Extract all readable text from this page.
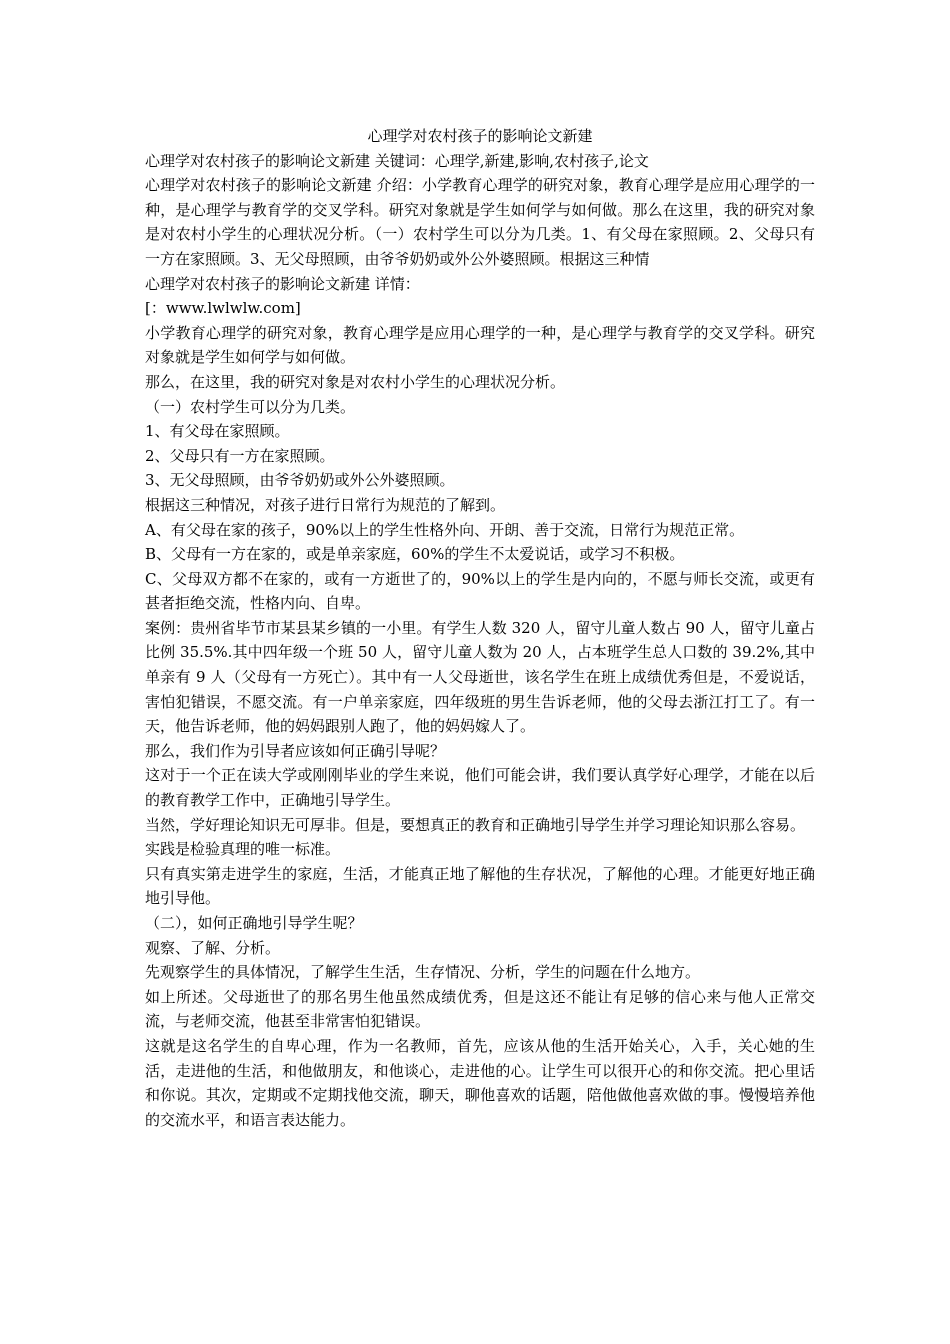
心理学对农村孩子的影响论文新建

心理学对农村孩子的影响论文新建 关键词：心理学,新建,影响,农村孩子,论文

心理学对农村孩子的影响论文新建 介绍：小学教育心理学的研究对象，教育心理学是应用心理学的一种，是心理学与教育学的交叉学科。研究对象就是学生如何学与如何做。那么在这里，我的研究对象是对农村小学生的心理状况分析。（一）农村学生可以分为几类。1、有父母在家照顾。2、父母只有一方在家照顾。3、无父母照顾，由爷爷奶奶或外公外婆照顾。根据这三种情

心理学对农村孩子的影响论文新建 详情：

[：www.lwlwlw.com]

小学教育心理学的研究对象，教育心理学是应用心理学的一种，是心理学与教育学的交叉学科。研究对象就是学生如何学与如何做。

那么，在这里，我的研究对象是对农村小学生的心理状况分析。

（一）农村学生可以分为几类。

1、有父母在家照顾。

2、父母只有一方在家照顾。

3、无父母照顾，由爷爷奶奶或外公外婆照顾。

根据这三种情况，对孩子进行日常行为规范的了解到。

A、有父母在家的孩子，90%以上的学生性格外向、开朗、善于交流，日常行为规范正常。

B、父母有一方在家的，或是单亲家庭，60%的学生不太爱说话，或学习不积极。

C、父母双方都不在家的，或有一方逝世了的，90%以上的学生是内向的，不愿与师长交流，或更有甚者拒绝交流，性格内向、自卑。

案例：贵州省毕节市某县某乡镇的一小里。有学生人数 320 人，留守儿童人数占 90 人，留守儿童占比例 35.5%.其中四年级一个班 50 人，留守儿童人数为 20 人，占本班学生总人口数的 39.2%,其中单亲有 9 人（父母有一方死亡）。其中有一人父母逝世，该名学生在班上成绩优秀但是，不爱说话，害怕犯错误，不愿交流。有一户单亲家庭，四年级班的男生告诉老师，他的父母去浙江打工了。有一天，他告诉老师，他的妈妈跟别人跑了，他的妈妈嫁人了。

那么，我们作为引导者应该如何正确引导呢？

这对于一个正在读大学或刚刚毕业的学生来说，他们可能会讲，我们要认真学好心理学，才能在以后的教育教学工作中，正确地引导学生。

当然，学好理论知识无可厚非。但是，要想真正的教育和正确地引导学生并学习理论知识那么容易。

实践是检验真理的唯一标准。

只有真实第走进学生的家庭，生活，才能真正地了解他的生存状况，了解他的心理。才能更好地正确地引导他。

（二），如何正确地引导学生呢？

观察、了解、分析。

先观察学生的具体情况，了解学生生活，生存情况、分析，学生的问题在什么地方。

如上所述。父母逝世了的那名男生他虽然成绩优秀，但是这还不能让有足够的信心来与他人正常交流，与老师交流，他甚至非常害怕犯错误。

这就是这名学生的自卑心理，作为一名教师，首先，应该从他的生活开始关心，入手，关心她的生活，走进他的生活，和他做朋友，和他谈心，走进他的心。让学生可以很开心的和你交流。把心里话和你说。其次，定期或不定期找他交流，聊天，聊他喜欢的话题，陪他做他喜欢做的事。慢慢培养他的交流水平，和语言表达能力。
